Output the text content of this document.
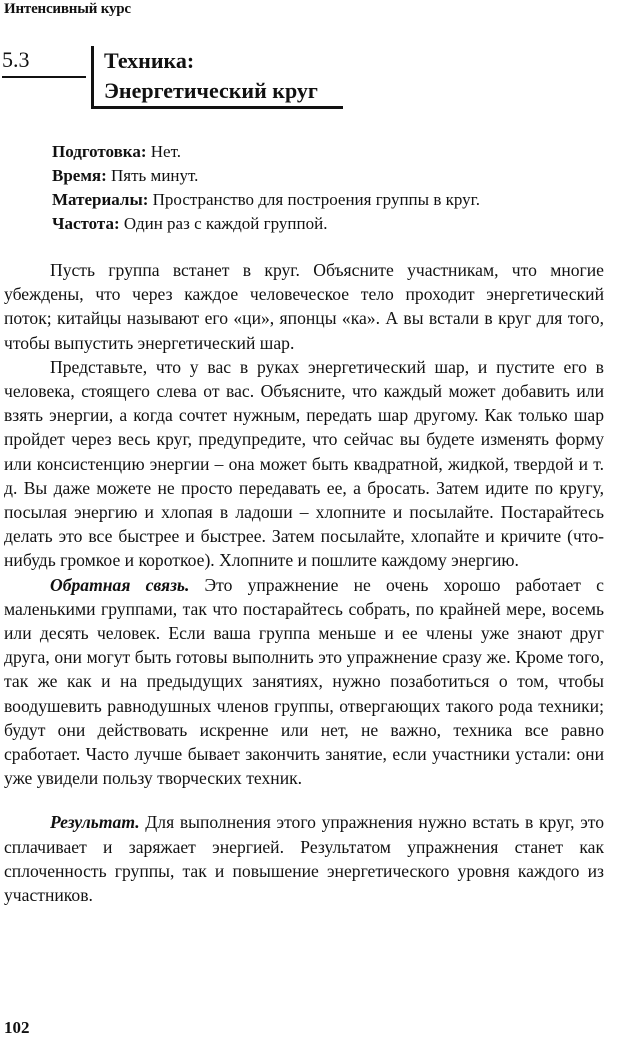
Интенсивный курс
5.3	Техника:
Энергетический круг
Подготовка: Нет.
Время: Пять минут.
Материалы: Пространство для построения группы в круг.
Частота: Один раз с каждой группой.

Пусть группа встанет в круг. Объясните участникам, что многие убеждены, что через каждое человеческое тело проходит энергетический поток; китайцы называют его «ци», японцы «ка». А вы встали в круг для того, чтобы выпустить энергетический шар.

Представьте, что у вас в руках энергетический шар, и пустите его в человека, стоящего слева от вас. Объясните, что каждый может добавить или взять энергии, а когда сочтет нужным, передать шар другому. Как только шар пройдет через весь круг, предупредите, что сейчас вы будете изменять форму или консистенцию энергии – она может быть квадратной, жидкой, твердой и т. д. Вы даже можете не просто передавать ее, а бросать. Затем идите по кругу, посылая энергию и хлопая в ладоши – хлопните и посылайте. Постарайтесь делать это все быстрее и быстрее. Затем посылайте, хлопайте и кричите (что-нибудь громкое и короткое). Хлопните и пошлите каждому энергию.

Обратная связь. Это упражнение не очень хорошо работает с маленькими группами, так что постарайтесь собрать, по крайней мере, восемь или десять человек. Если ваша группа меньше и ее члены уже знают друг друга, они могут быть готовы выполнить это упражнение сразу же. Кроме того, так же как и на предыдущих занятиях, нужно позаботиться о том, чтобы воодушевить равнодушных членов группы, отвергающих такого рода техники; будут они действовать искренне или нет, не важно, техника все равно сработает. Часто лучше бывает закончить занятие, если участники устали: они уже увидели пользу творческих техник.

Результат. Для выполнения этого упражнения нужно встать в круг, это сплачивает и заряжает энергией. Результатом упражнения станет как сплоченность группы, так и повышение энергетического уровня каждого из участников.

102
